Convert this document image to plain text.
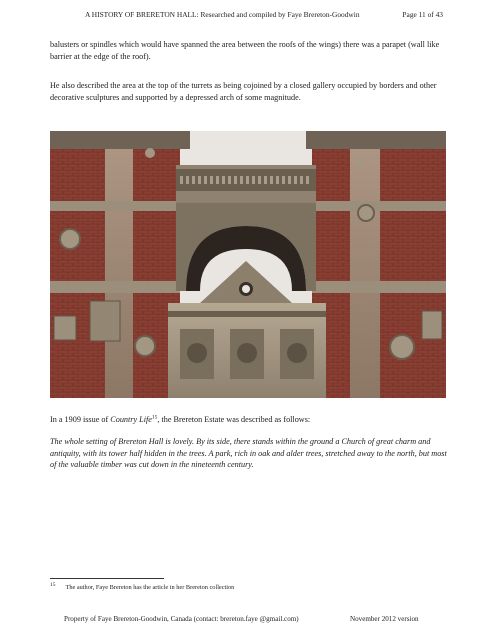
A HISTORY OF BRERETON HALL: Researched and compiled by Faye Brereton-Goodwin	Page 11 of 43

balusters or spindles which would have spanned the area between the roofs of the wings) there was a parapet (wall like barrier at the edge of the roof).

He also described the area at the top of the turrets as being cojoined by a closed gallery occupied by borders and other decorative sculptures and supported by a depressed arch of some magnitude.

In a 1909 issue of Country Life$^{15}$, the Brereton Estate was described as follows:

The whole setting of Brereton Hall is lovely. By its side, there stands within the ground a Church of great charm and antiquity, with its tower half hidden in the trees. A park, rich in oak and alder trees, stretched away to the north, but most of the valuable timber was cut down in the nineteenth century.

$^{15}$ The author, Faye Brereton has the article in her Brereton collection
Property of Faye Brereton-Goodwin, Canada (contact: brereton.faye @gmail.com)	November 2012 version
